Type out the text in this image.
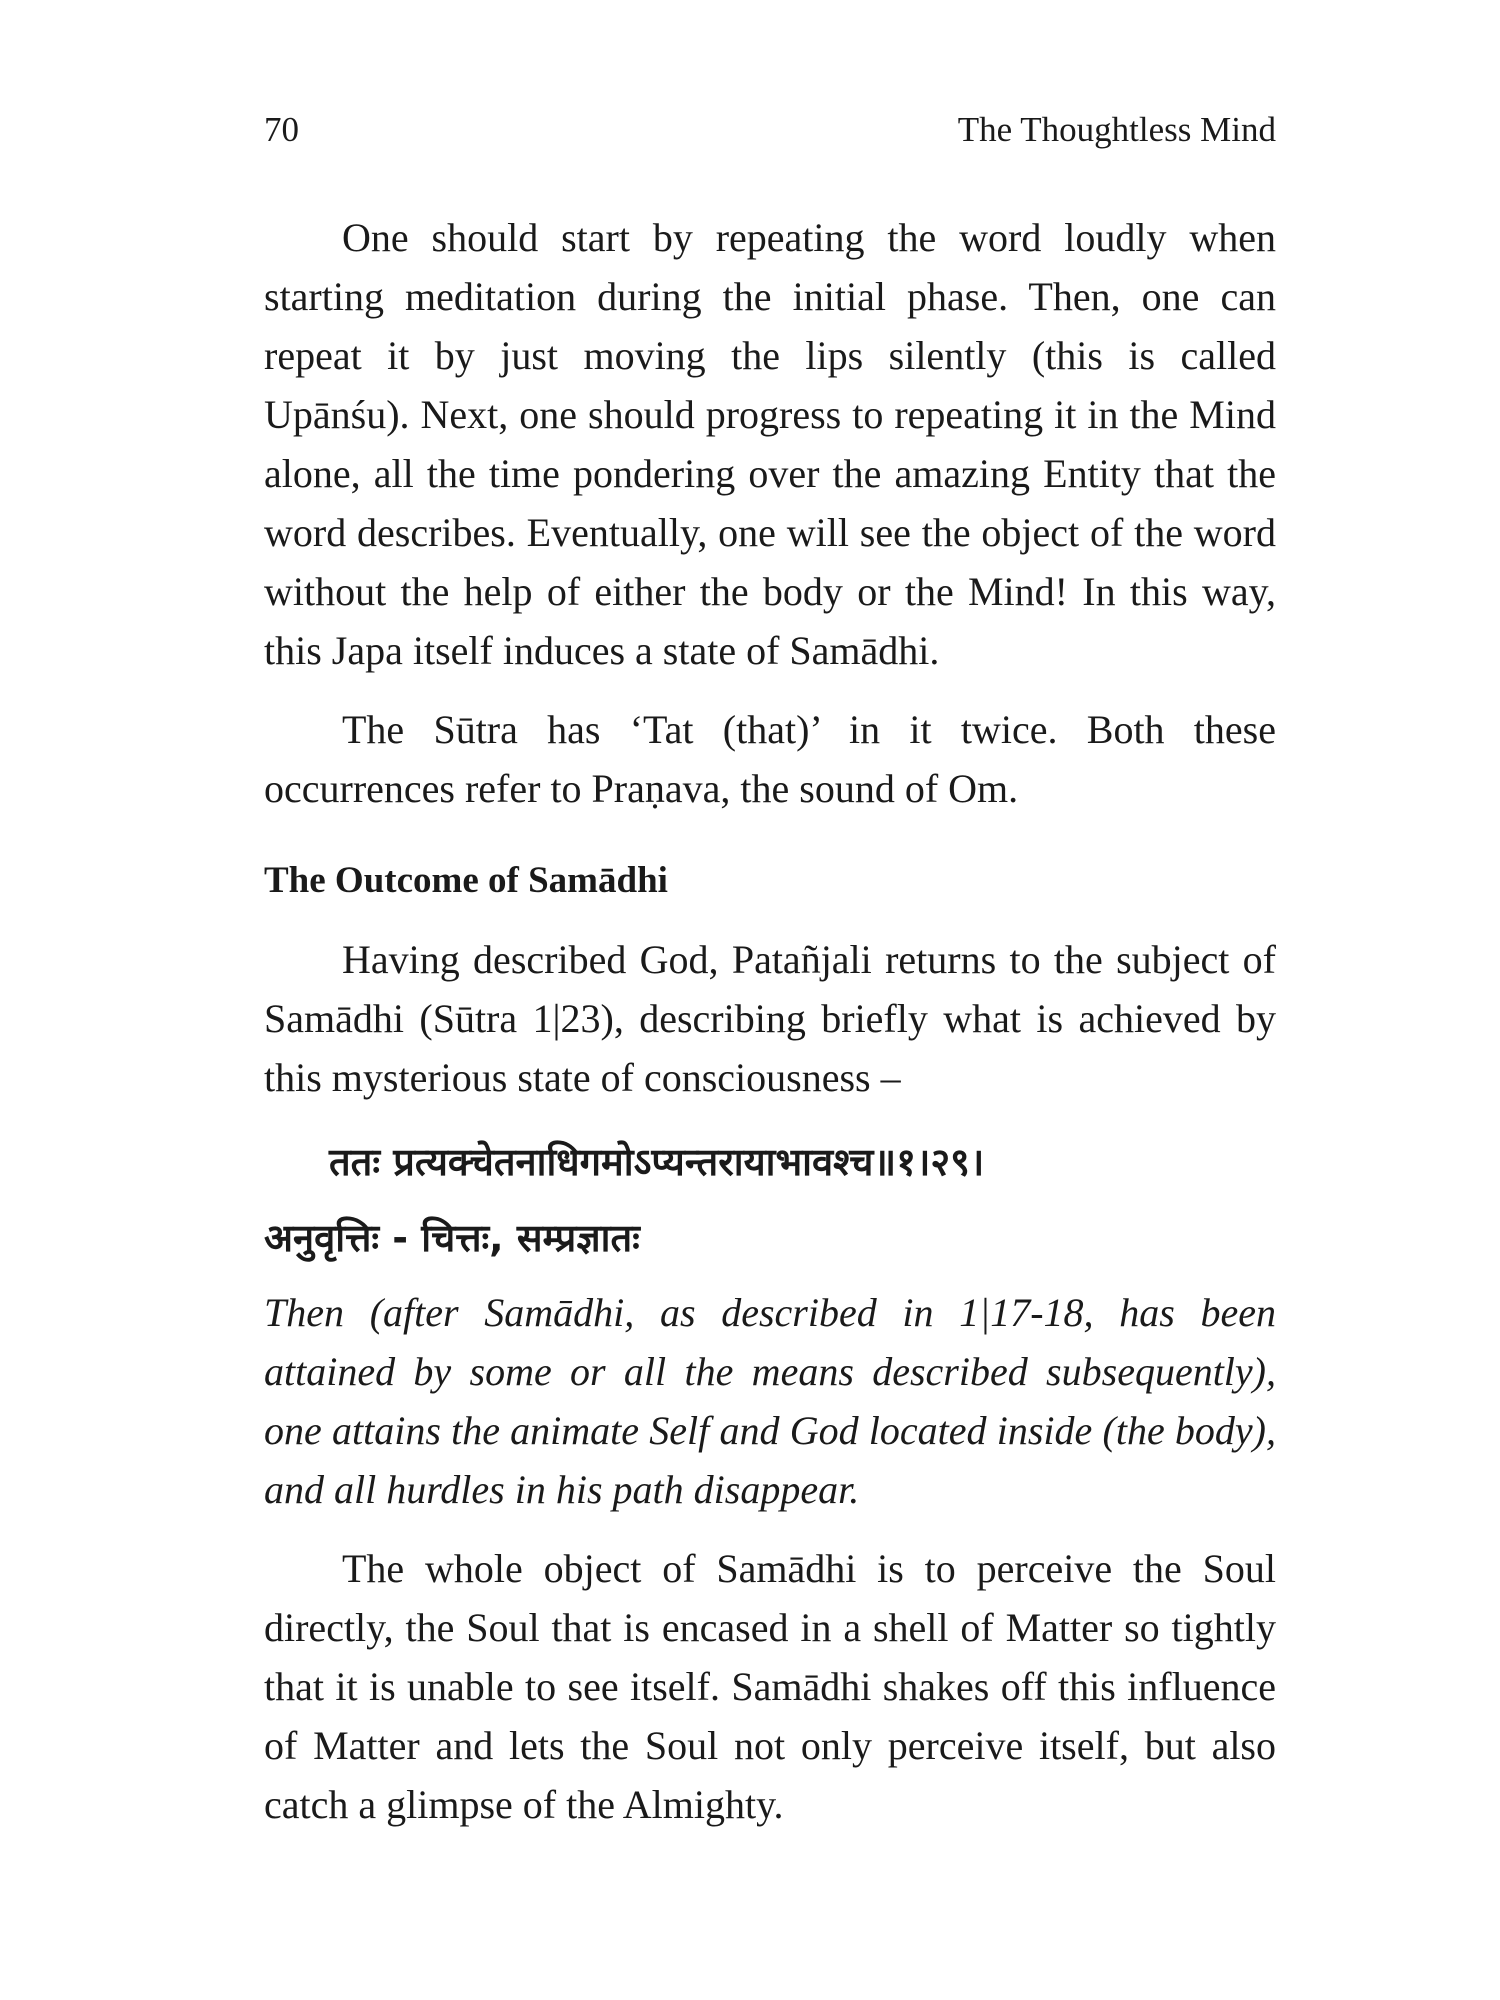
70	The Thoughtless Mind

One should start by repeating the word loudly when starting meditation during the initial phase. Then, one can repeat it by just moving the lips silently (this is called Upānśu). Next, one should progress to repeating it in the Mind alone, all the time pondering over the amazing Entity that the word describes. Eventually, one will see the object of the word without the help of either the body or the Mind! In this way, this Japa itself induces a state of Samādhi.

The Sūtra has ‘Tat (that)’ in it twice. Both these occurrences refer to Praṇava, the sound of Om.

The Outcome of Samādhi

Having described God, Patañjali returns to the subject of Samādhi (Sūtra 1|23), describing briefly what is achieved by this mysterious state of consciousness –

ततः प्रत्यक्चेतनाधिगमोऽप्यन्तरायाभावश्च॥१।२९।

अनुवृत्तिः - चित्तः, सम्प्रज्ञातः

Then (after Samādhi, as described in 1|17-18, has been attained by some or all the means described subsequently), one attains the animate Self and God located inside (the body), and all hurdles in his path disappear.

The whole object of Samādhi is to perceive the Soul directly, the Soul that is encased in a shell of Matter so tightly that it is unable to see itself. Samādhi shakes off this influence of Matter and lets the Soul not only perceive itself, but also catch a glimpse of the Almighty.
